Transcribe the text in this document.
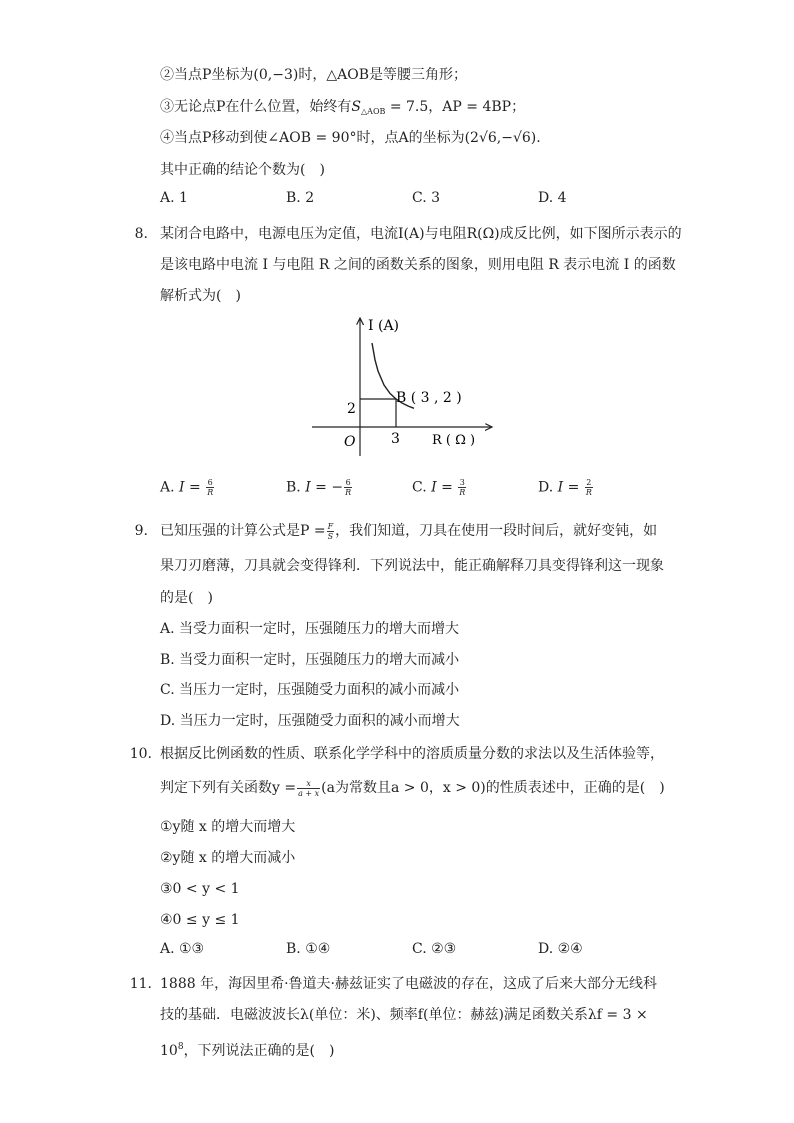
②当点P坐标为(0,−3)时，△AOB是等腰三角形；
③无论点P在什么位置，始终有$S_{\triangle AOB} = 7.5$，AP = 4BP；
④当点P移动到使∠AOB = 90°时，点A的坐标为(2√6,−√6).
其中正确的结论个数为(　)
A. 1	B. 2	C. 3	D. 4
8. 某闭合电路中，电源电压为定值，电流I(A)与电阻R(Ω)成反比例，如下图所示表示的
是该电路中电流 I 与电阻 R 之间的函数关系的图象，则用电阻 R 表示电流 I 的函数
解析式为(　)
I (A)
R ( Ω )
O	3
2
B ( 3 , 2 )
A. $I = \frac{6}{R}$	B. I = − $\frac{6}{R}$	C. $I = \frac{3}{R}$	D. $I = \frac{2}{R}$
9. 已知压强的计算公式是$P = \frac{F}{S}$ ，我们知道，刀具在使用一段时间后，就好变钝，如
果刀刃磨薄，刀具就会变得锋利．下列说法中，能正确解释刀具变得锋利这一现象
的是(　)
A. 当受力面积一定时，压强随压力的增大而增大
B. 当受力面积一定时，压强随压力的增大而减小
C. 当压力一定时，压强随受力面积的减小而减小
D. 当压力一定时，压强随受力面积的减小而增大
10. 根据反比例函数的性质、联系化学学科中的溶质质量分数的求法以及生活体验等，
判定下列有关函数$y = \frac{x}{a + x} (a$为常数且a > 0，x > 0)的性质表述中，正确的是(　)
①y随 x 的增大而增大
②y随 x 的增大而减小
③0 < y < 1
④0 ≤ y ≤ 1
A. ①③	B. ①④	C. ②③	D. ②④
11. 1888 年，海因里希·鲁道夫·赫兹证实了电磁波的存在，这成了后来大部分无线科
技的基础．电磁波波长λ(单位：米)、频率f(单位：赫兹)满足函数关系λf = 3 ×
$10^8$，下列说法正确的是(　)
